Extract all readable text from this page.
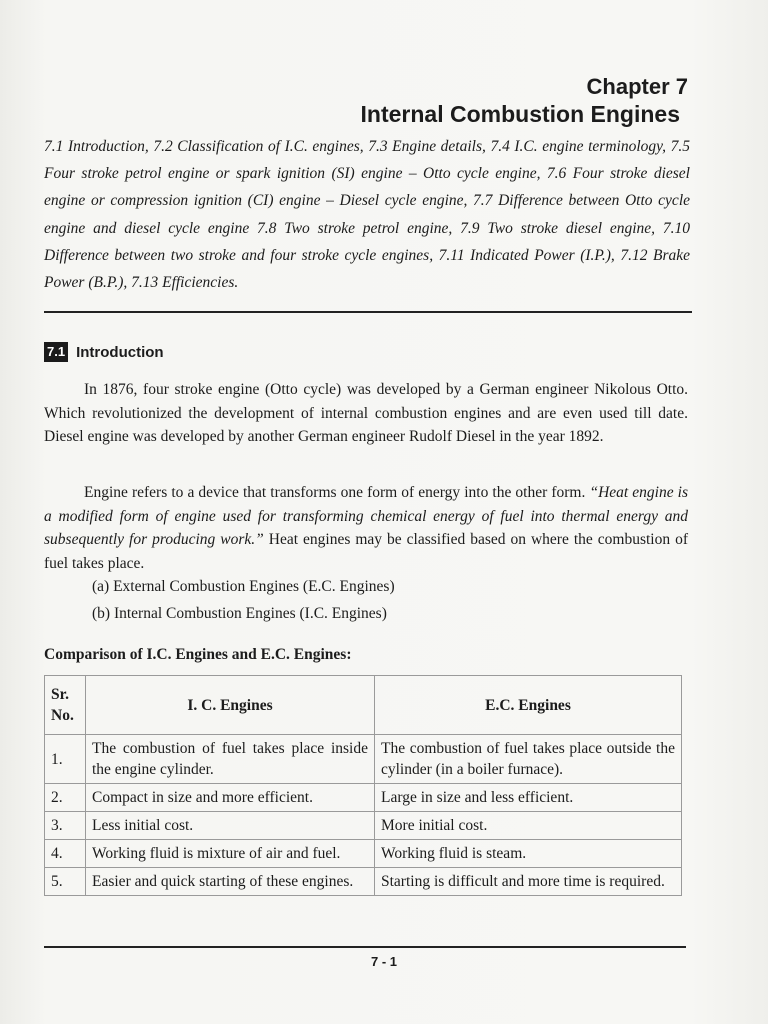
Chapter 7
Internal Combustion Engines
7.1 Introduction, 7.2 Classification of I.C. engines, 7.3 Engine details, 7.4 I.C. engine terminology, 7.5 Four stroke petrol engine or spark ignition (SI) engine – Otto cycle engine, 7.6 Four stroke diesel engine or compression ignition (CI) engine – Diesel cycle engine, 7.7 Difference between Otto cycle engine and diesel cycle engine 7.8 Two stroke petrol engine, 7.9 Two stroke diesel engine, 7.10 Difference between two stroke and four stroke cycle engines, 7.11 Indicated Power (I.P.), 7.12 Brake Power (B.P.), 7.13 Efficiencies.
7.1 Introduction
In 1876, four stroke engine (Otto cycle) was developed by a German engineer Nikolous Otto. Which revolutionized the development of internal combustion engines and are even used till date. Diesel engine was developed by another German engineer Rudolf Diesel in the year 1892.
Engine refers to a device that transforms one form of energy into the other form. “Heat engine is a modified form of engine used for transforming chemical energy of fuel into thermal energy and subsequently for producing work.” Heat engines may be classified based on where the combustion of fuel takes place.
(a) External Combustion Engines (E.C. Engines)
(b) Internal Combustion Engines (I.C. Engines)
Comparison of I.C. Engines and E.C. Engines:
Sr.
No.	I. C. Engines	E.C. Engines
1.	The combustion of fuel takes place inside the engine cylinder.	The combustion of fuel takes place outside the cylinder (in a boiler furnace).
2.	Compact in size and more efficient.	Large in size and less efficient.
3.	Less initial cost.	More initial cost.
4.	Working fluid is mixture of air and fuel.	Working fluid is steam.
5.	Easier and quick starting of these engines.	Starting is difficult and more time is required.
7 - 1
